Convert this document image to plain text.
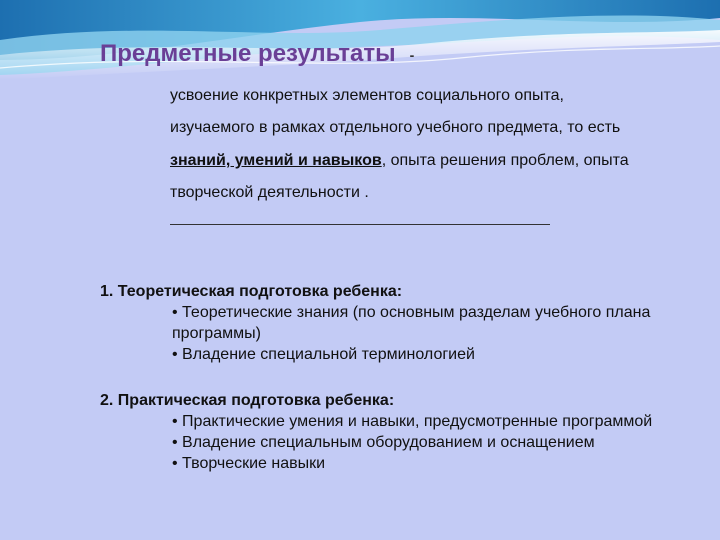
Предметные результаты -
усвоение конкретных элементов социального опыта,
изучаемого в рамках отдельного учебного предмета, то есть
знаний, умений и навыков, опыта решения проблем, опыта
творческой деятельности .
1. Теоретическая подготовка ребенка:
• Теоретические знания (по основным разделам учебного плана программы)
• Владение специальной терминологией
2. Практическая подготовка ребенка:
• Практические умения и навыки, предусмотренные программой
• Владение специальным оборудованием и оснащением
• Творческие навыки
